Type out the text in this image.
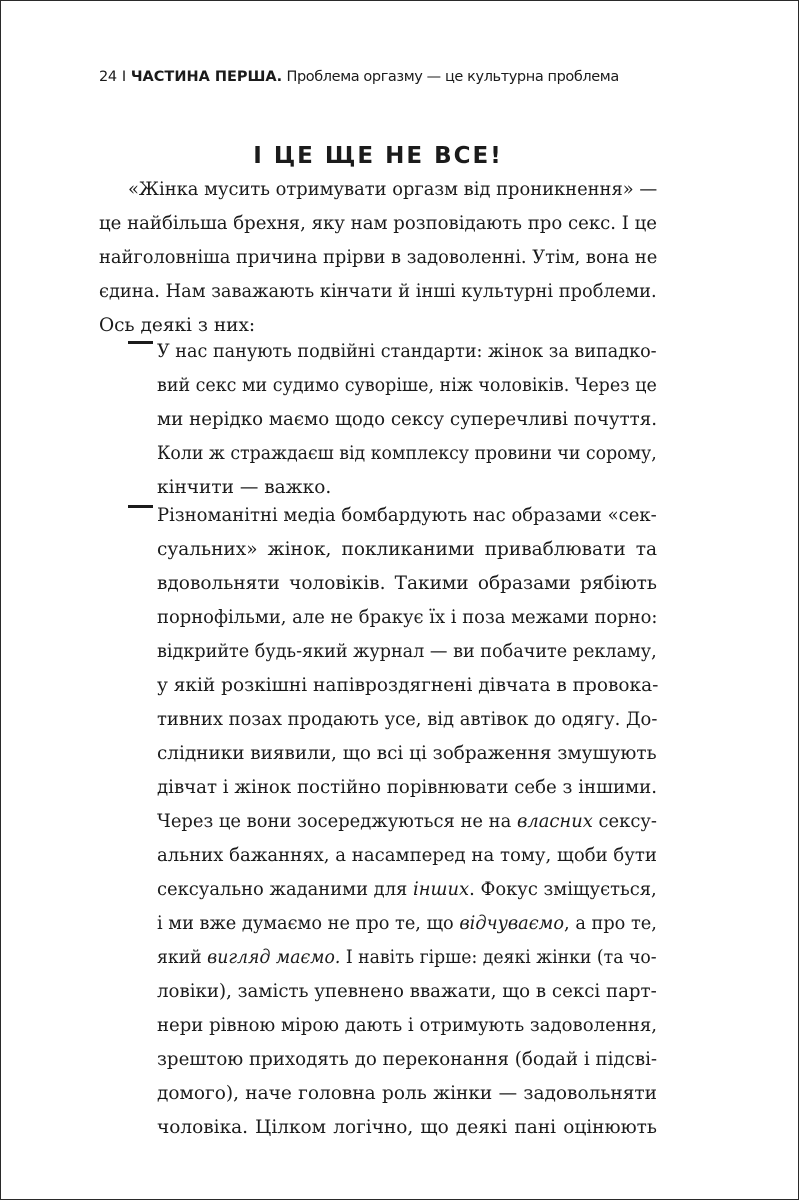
24 I ЧАСТИНА ПЕРША. Проблема оргазму — це культурна проблема
І ЦЕ ЩЕ НЕ ВСЕ!
«Жінка мусить отримувати оргазм від проникнення» —
це найбільша брехня, яку нам розповідають про секс. І це
найголовніша причина прірви в задоволенні. Утім, вона не
єдина. Нам заважають кінчати й інші культурні проблеми.
Ось деякі з них:
У нас панують подвійні стандарти: жінок за випадко-
вий секс ми судимо суворіше, ніж чоловіків. Через це
ми нерідко маємо щодо сексу суперечливі почуття.
Коли ж страждаєш від комплексу провини чи сорому,
кінчити — важко.
Різноманітні медіа бомбардують нас образами «сек-
суальних» жінок, покликаними приваблювати та
вдовольняти чоловіків. Такими образами рябіють
порнофільми, але не бракує їх і поза межами порно:
відкрийте будь-який журнал — ви побачите рекламу,
у якій розкішні напівроздягнені дівчата в провока-
тивних позах продають усе, від автівок до одягу. До-
слідники виявили, що всі ці зображення змушують
дівчат і жінок постійно порівнювати себе з іншими.
Через це вони зосереджуються не на власних сексу-
альних бажаннях, а насамперед на тому, щоби бути
сексуально жаданими для інших. Фокус зміщується,
і ми вже думаємо не про те, що відчуваємо, а про те,
який вигляд маємо. І навіть гірше: деякі жінки (та чо-
ловіки), замість упевнено вважати, що в сексі парт-
нери рівною мірою дають і отримують задоволення,
зрештою приходять до переконання (бодай і підсві-
домого), наче головна роль жінки — задовольняти
чоловіка. Цілком логічно, що деякі пані оцінюють
